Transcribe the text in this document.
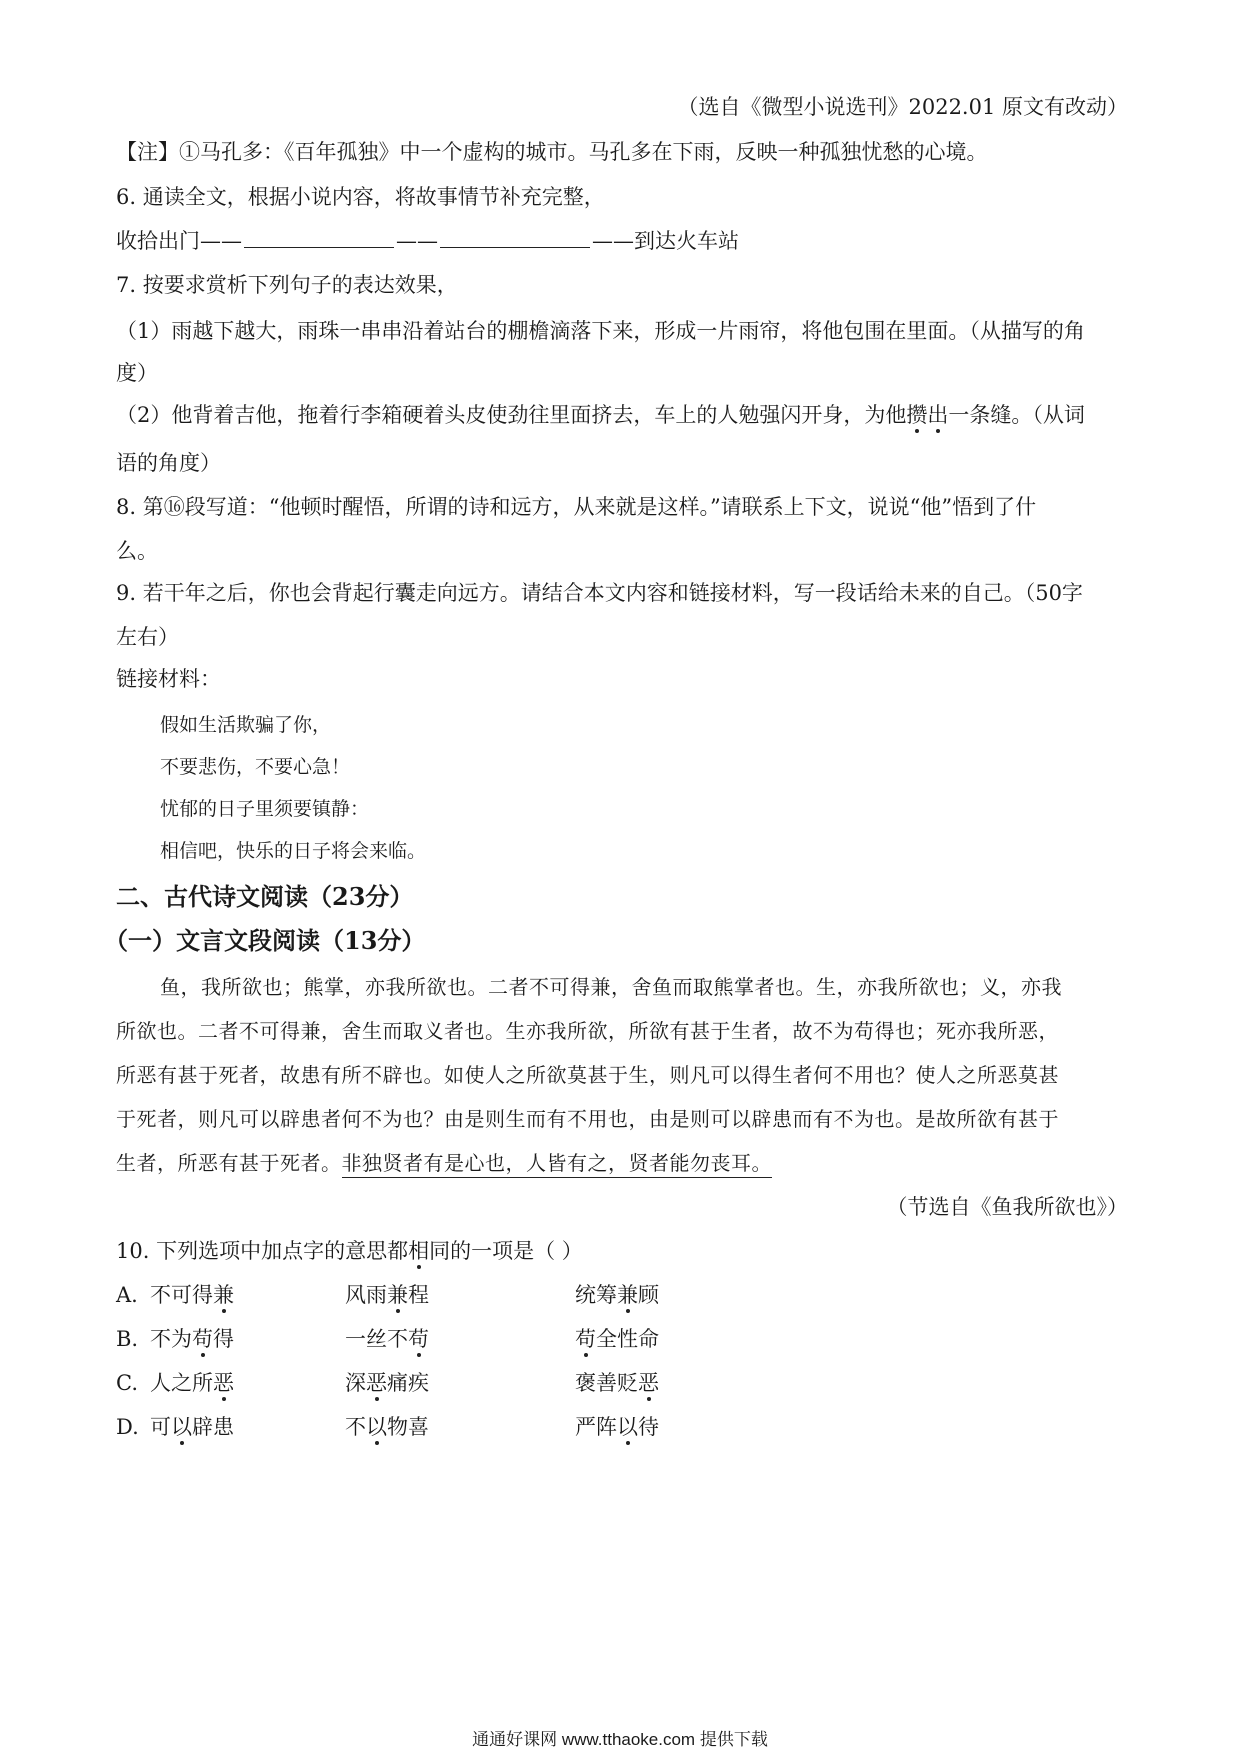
（选自《微型小说选刊》2022.01 原文有改动）
【注】①马孔多：《百年孤独》中一个虚构的城市。马孔多在下雨，反映一种孤独忧愁的心境。
6. 通读全文，根据小说内容，将故事情节补充完整，
收拾出门——	——	——到达火车站
7. 按要求赏析下列句子的表达效果，
（1）雨越下越大，雨珠一串串沿着站台的棚檐滴落下来，形成一片雨帘，将他包围在里面。（从描写的角
度）
（2）他背着吉他，拖着行李箱硬着头皮使劲往里面挤去，车上的人勉强闪开身，为他攒出一条缝。（从词
语的角度）
8. 第⑯段写道：“他顿时醒悟，所谓的诗和远方，从来就是这样。”请联系上下文，说说“他”悟到了什
么。
9. 若干年之后，你也会背起行囊走向远方。请结合本文内容和链接材料，写一段话给未来的自己。（50字
左右）
链接材料：
假如生活欺骗了你，
不要悲伤，不要心急！
忧郁的日子里须要镇静：
相信吧，快乐的日子将会来临。
二、古代诗文阅读（23分）
（一）文言文段阅读（13分）
鱼，我所欲也；熊掌，亦我所欲也。二者不可得兼，舍鱼而取熊掌者也。生，亦我所欲也；义，亦我
所欲也。二者不可得兼，舍生而取义者也。生亦我所欲，所欲有甚于生者，故不为苟得也；死亦我所恶，
所恶有甚于死者，故患有所不辟也。如使人之所欲莫甚于生，则凡可以得生者何不用也？使人之所恶莫甚
于死者，则凡可以辟患者何不为也？由是则生而有不用也，由是则可以辟患而有不为也。是故所欲有甚于
生者，所恶有甚于死者。非独贤者有是心也，人皆有之，贤者能勿丧耳。
（节选自《鱼我所欲也》）
10. 下列选项中加点字的意思都相同的一项是（ ）
A. 不可得兼	风雨兼程	统筹兼顾
B. 不为苟得	一丝不苟	苟全性命
C. 人之所恶	深恶痛疾	褒善贬恶
D. 可以辟患	不以物喜	严阵以待
通通好课网 www.tthaoke.com 提供下载
